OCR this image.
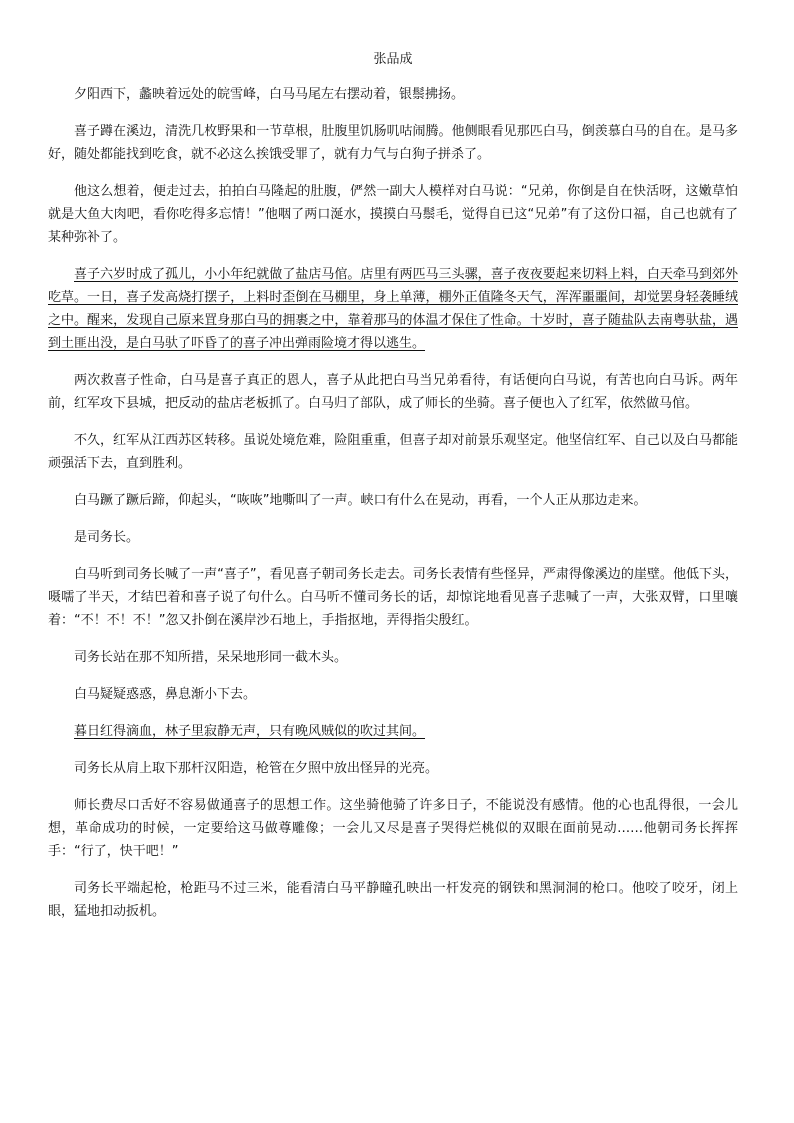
张品成

夕阳西下，蠡映着远处的皖雪峰，白马马尾左右摆动着，银鬃拂扬。

喜子蹲在溪边，清洗几枚野果和一节草根，肚腹里饥肠叽咕闹腾。他侧眼看见那匹白马，倒羡慕白马的自在。是马多好，随处都能找到吃食，就不必这么挨饿受罪了，就有力气与白狗子拼杀了。

他这么想着，便走过去，拍拍白马隆起的肚腹，俨然一副大人模样对白马说：“兄弟，你倒是自在快活呀，这嫩草怕就是大鱼大肉吧，看你吃得多忘情！”他咽了两口涎水，摸摸白马鬃毛，觉得自已这“兄弟”有了这份口福，自己也就有了某种弥补了。

喜子六岁时成了孤儿，小小年纪就做了盐店马倌。店里有两匹马三头骡，喜子夜夜要起来切料上料，白天牵马到郊外吃草。一日，喜子发高烧打摆子，上料时歪倒在马棚里，身上单薄，棚外正值隆冬天气，浑浑噩噩间，却觉罢身轻袭睡绒之中。醒来，发现自己原来罝身那白马的拥裹之中，靠着那马的体温才保住了性命。十岁时，喜子随盐队去南粤驮盐，遇到土匪出没，是白马驮了吓昏了的喜子冲出弹雨险境才得以逃生。

两次救喜子性命，白马是喜子真正的恩人，喜子从此把白马当兄弟看待，有话便向白马说，有苦也向白马诉。两年前，红军攻下县城，把反动的盐店老板抓了。白马归了部队，成了师长的坐骑。喜子便也入了红军，依然做马倌。

不久，红军从江西苏区转移。虽说处境危难，险阻重重，但喜子却对前景乐观坚定。他坚信红军、自己以及白马都能顽强活下去，直到胜利。

白马蹶了蹶后蹄，仰起头，“咴咴”地嘶叫了一声。峡口有什么在晃动，再看，一个人正从那边走来。

是司务长。

白马听到司务长喊了一声“喜子”，看见喜子朝司务长走去。司务长表情有些怪异，严肃得像溪边的崖壁。他低下头，嗫嚅了半天，才结巴着和喜子说了句什么。白马听不懂司务长的话，却惊诧地看见喜子悲喊了一声，大张双臂，口里嚷着：“不！不！不！”忽又扑倒在溪岸沙石地上，手指抠地，弄得指尖殷红。

司务长站在那不知所措，呆呆地形同一截木头。

白马疑疑惑惑，鼻息渐小下去。

暮日红得滴血，林子里寂静无声，只有晚风贼似的吹过其间。

司务长从肩上取下那杆汉阳造，枪管在夕照中放出怪异的光亮。

师长费尽口舌好不容易做通喜子的思想工作。这坐骑他骑了许多日子，不能说没有感情。他的心也乱得很，一会儿想，革命成功的时候，一定要给这马做尊雕像；一会儿又尽是喜子哭得烂桃似的双眼在面前晃动……他朝司务长挥挥手：“行了，快干吧！”

司务长平端起枪，枪距马不过三米，能看清白马平静瞳孔映出一杆发亮的钢铁和黑洞洞的枪口。他咬了咬牙，闭上眼，猛地扣动扳机。
